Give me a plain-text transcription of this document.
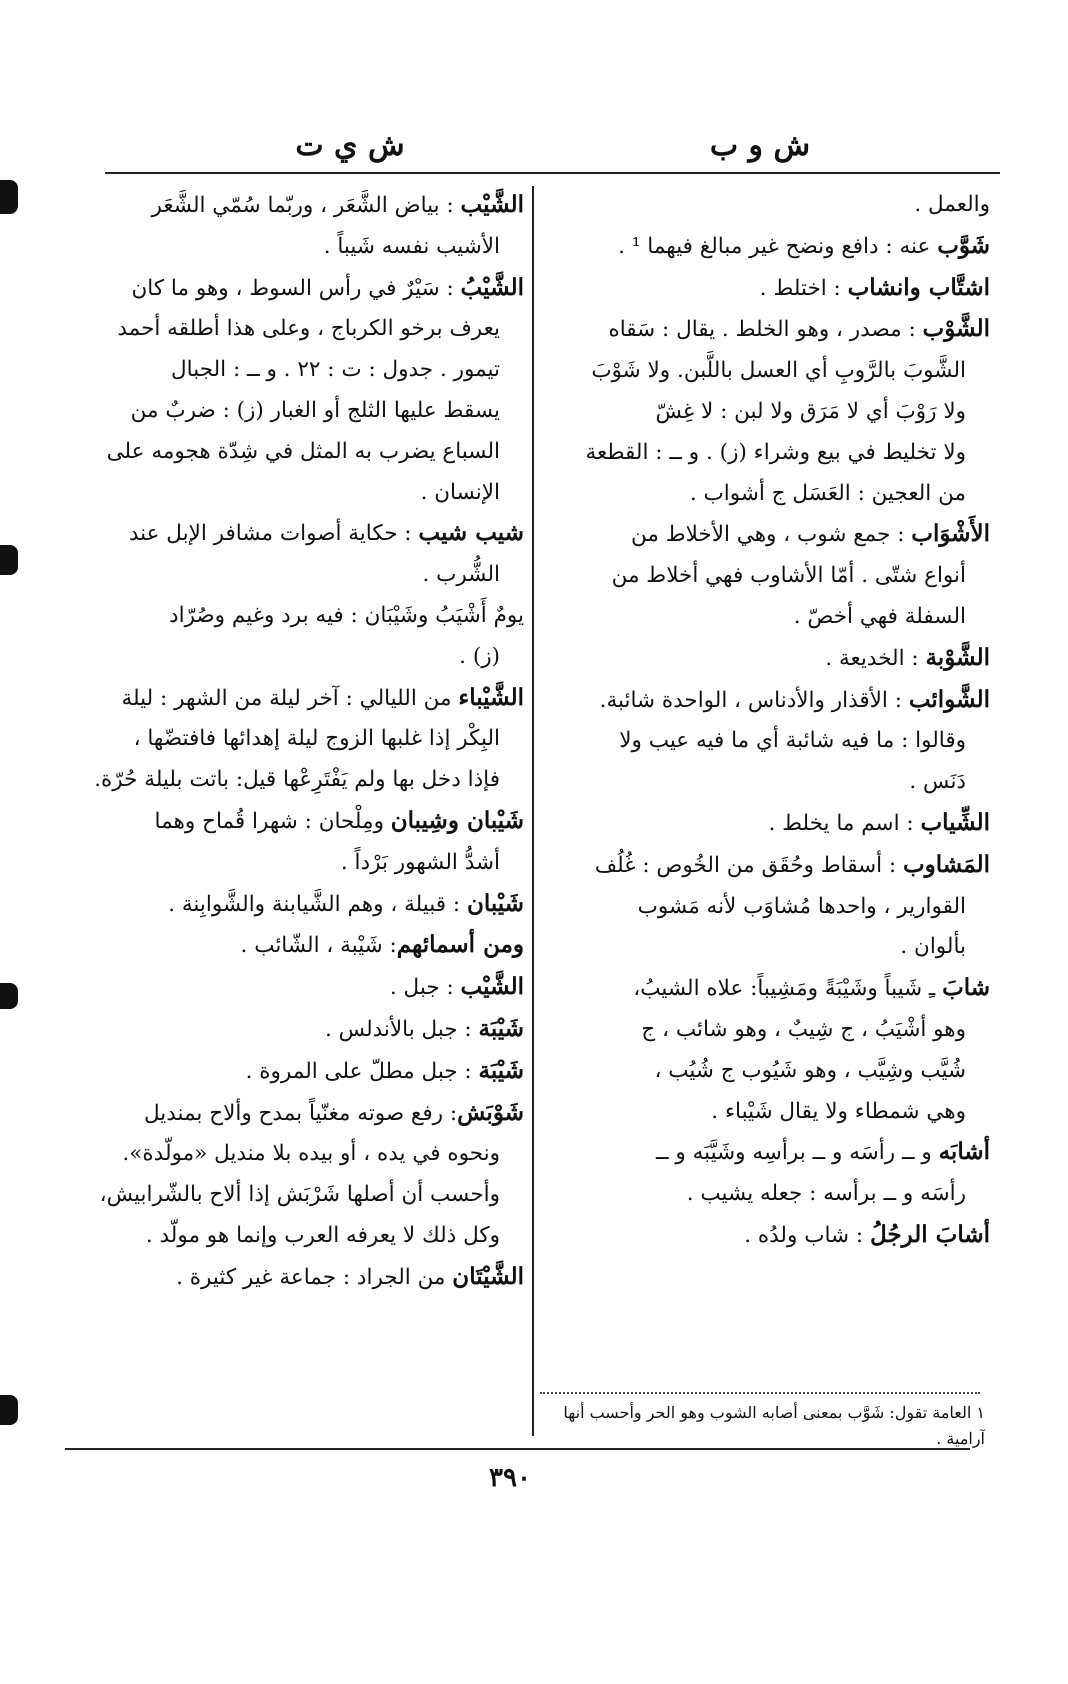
ش و ب
ش ي ت
والعمل .
شَوَّب عنه : دافع ونضح غير مبالغ فيهما ¹ .
اشتَّاب وانشاب : اختلط .
الشَّوْب : مصدر ، وهو الخلط . يقال : سَقاه
الشَّوبَ بالرَّوبِ أي العسل باللَّبن. ولا شَوْبَ
ولا رَوْبَ أي لا مَرَق ولا لبن : لا غِشّ
ولا تخليط في بيع وشراء (ز) . و ــ : القطعة
من العجين : العَسَل ج أشواب .
الأَشْوَاب : جمع شوب ، وهي الأخلاط من
أنواع شتّى . أمّا الأشاوب فهي أخلاط من
السفلة فهي أخصّ .
الشَّوْبة : الخديعة .
الشَّوائب : الأقذار والأدناس ، الواحدة شائبة.
وقالوا : ما فيه شائبة أي ما فيه عيب ولا
دَنَس .
الشِّياب : اسم ما يخلط .
المَشاوب : أسقاط وحُقَق من الخُوص : غُلُف
القوارير ، واحدها مُشاوَب لأنه مَشوب
بألوان .
شابَ ـِ شَيباً وشَيْبَةً ومَشِيباً: علاه الشيبُ،
وهو أشْيَبُ ، ج شِيبٌ ، وهو شائب ، ج
شُيَّب وشِيَّب ، وهو شَيُوب ج شُيُب ،
وهي شمطاء ولا يقال شَيْباء .
أشابَه و ــ رأسَه و ــ برأسِه وشَيَّبَه و ــ
رأسَه و ــ برأسه : جعله يشيب .
أشابَ الرجُلُ : شاب ولدُه .
الشَّيْب : بياض الشَّعَر ، وربّما سُمّي الشَّعَر
الأشيب نفسه شَيباً .
الشَّيْبُ : سَيْرٌ في رأس السوط ، وهو ما كان
يعرف برخو الكرباج ، وعلى هذا أطلقه أحمد
تيمور . جدول : ت : ٢٢ . و ــ : الجبال
يسقط عليها الثلج أو الغبار (ز) : ضربٌ من
السباع يضرب به المثل في شِدّة هجومه على
الإنسان .
شيب شيب : حكاية أصوات مشافر الإبل عند
الشُّرب .
يومٌ أَشْيَبُ وشَيْبَان : فيه برد وغيم وصُرّاد
(ز) .
الشَّيْباء من الليالي : آخر ليلة من الشهر : ليلة
البِكْر إذا غلبها الزوج ليلة إهدائها فافتضّها ،
فإذا دخل بها ولم يَفْتَرِعْها قيل: باتت بليلة حُرّة.
شَيْبان وشِيبان ومِلْحان : شهرا قُماح وهما
أشدُّ الشهور بَرْداً .
شَيْبان : قبيلة ، وهم الشَّيابنة والشَّوابِنة .
ومن أسمائهم: شَيْبة ، الشّائب .
الشَّيْب : جبل .
شَيْبَة : جبل بالأندلس .
شَيْبَة : جبل مطلّ على المروة .
شَوْبَش: رفع صوته مغنّياً بمدح وألاح بمنديل
ونحوه في يده ، أو بيده بلا منديل «مولّدة».
وأحسب أن أصلها شَرْبَش إذا ألاح بالشّرابيش،
وكل ذلك لا يعرفه العرب وإنما هو مولّد .
الشَّيْتَان من الجراد : جماعة غير كثيرة .
١ العامة تقول: شَوَّب بمعنى أصابه الشوب وهو الحر وأحسب أنها آرامية .
٣٩٠
